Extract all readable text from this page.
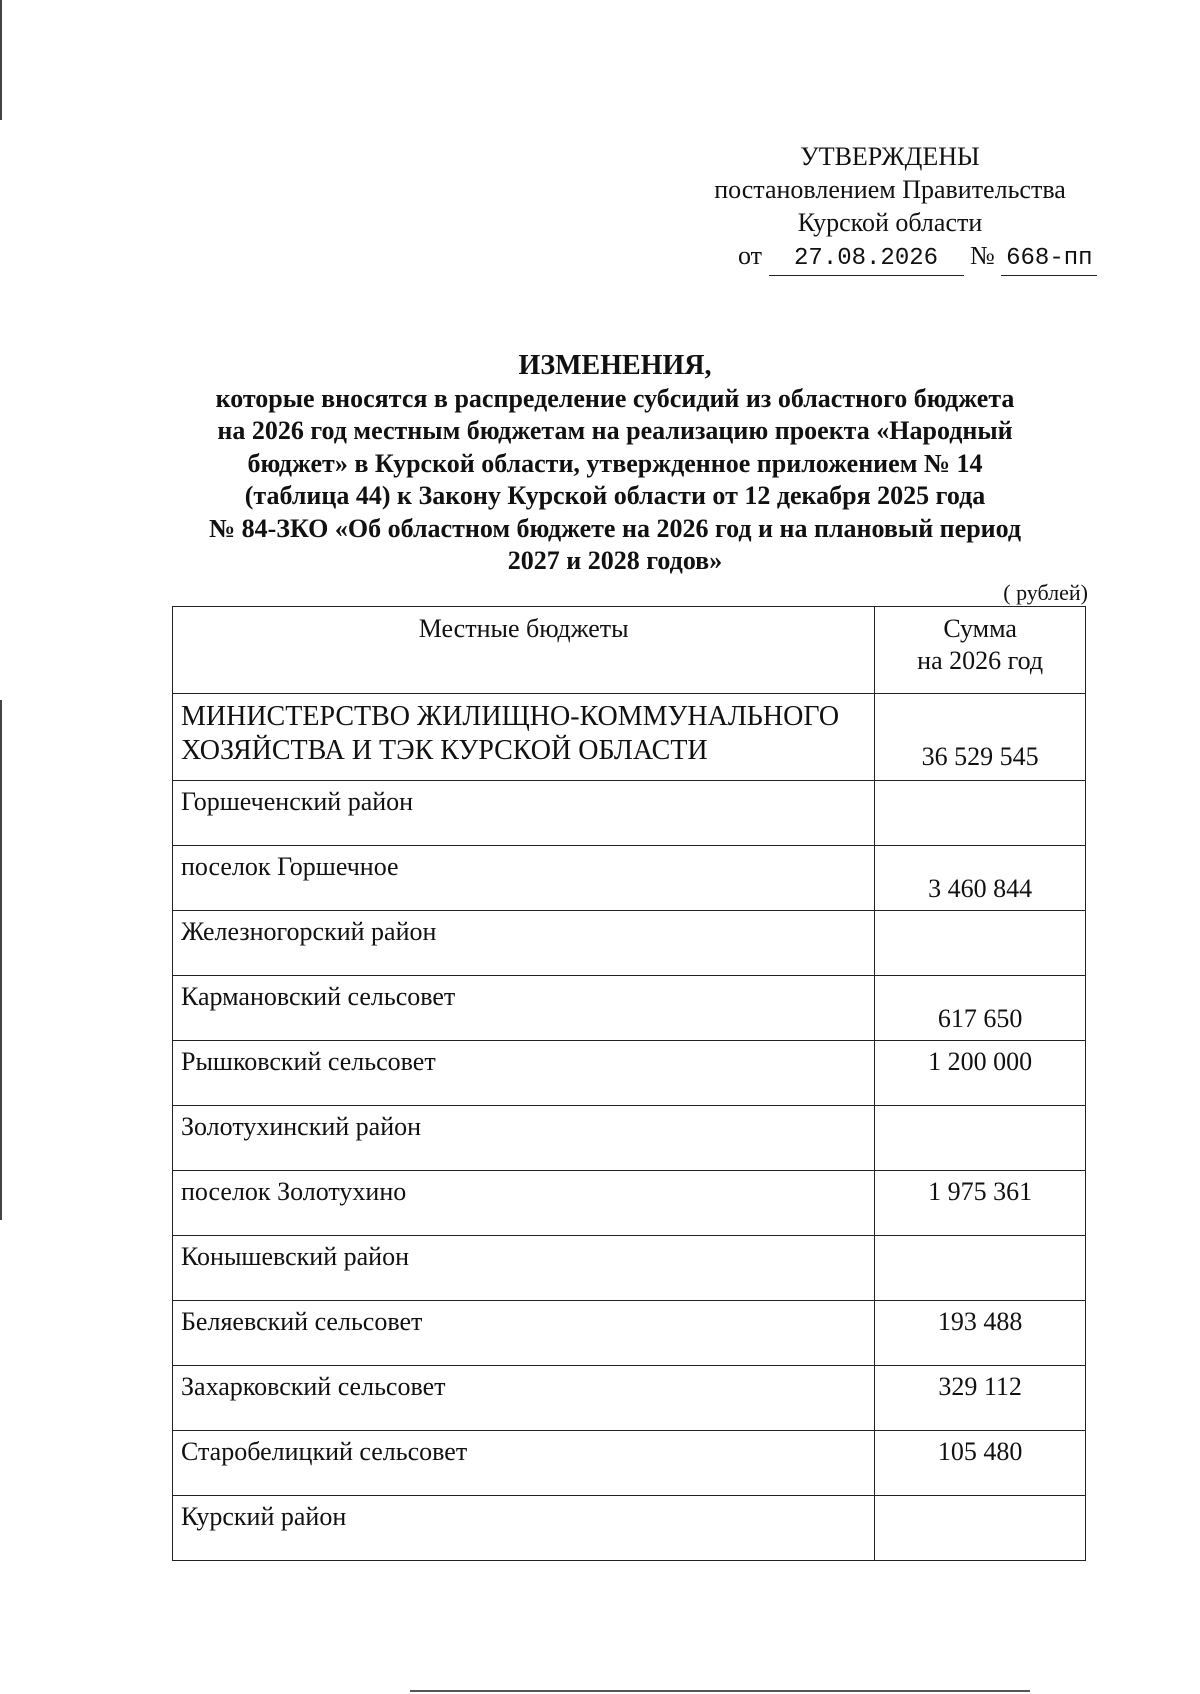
УТВЕРЖДЕНЫ
постановлением Правительства
Курской области
от 27.08.2026 № 668-пп
ИЗМЕНЕНИЯ,
которые вносятся в распределение субсидий из областного бюджета
на 2026 год местным бюджетам на реализацию проекта «Народный
бюджет» в Курской области, утвержденное приложением № 14
(таблица 44) к Закону Курской области от 12 декабря 2025 года
№ 84-ЗКО «Об областном бюджете на 2026 год и на плановый период
2027 и 2028 годов»
( рублей)
Местные бюджеты	Сумма
на 2026 год

МИНИСТЕРСТВО ЖИЛИЩНО-КОММУНАЛЬНОГО
ХОЗЯЙСТВА И ТЭК КУРСКОЙ ОБЛАСТИ	36 529 545
Горшеченский район	
поселок Горшечное	3 460 844
Железногорский район	
Кармановский сельсовет	617 650
Рышковский сельсовет	1 200 000
Золотухинский район	
поселок Золотухино	1 975 361
Конышевский район	
Беляевский сельсовет	193 488
Захарковский сельсовет	329 112
Старобелицкий сельсовет	105 480
Курский район	
